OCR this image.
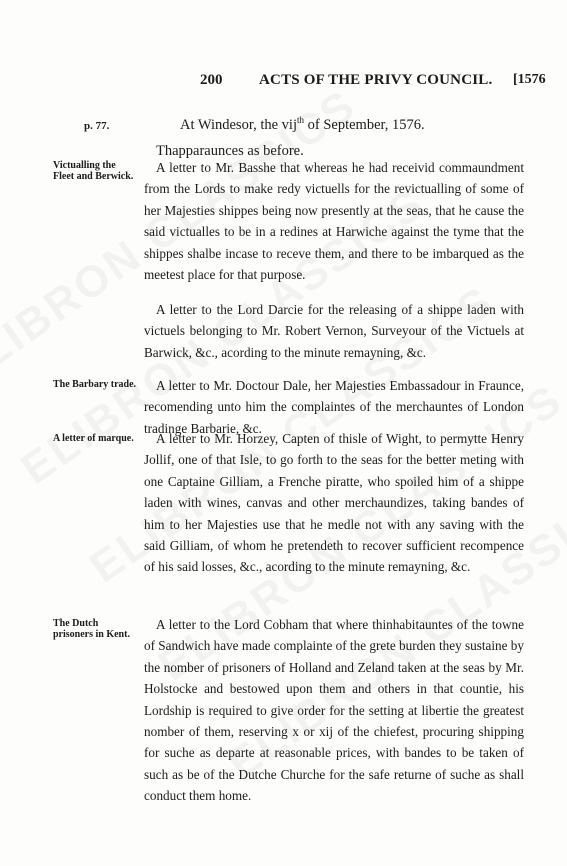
200 ACTS OF THE PRIVY COUNCIL. [1576
p. 77.	At Windesor, the vij$^{th}$ of September, 1576.
Thapparaunces as before.
Victualling the Fleet and Berwick.
The Barbary trade.
A letter of marque.
The Dutch prisoners in Kent.
A letter to Mr. Basshe that whereas he had receivid commaundment from the Lords to make redy victuells for the revictualling of some of her Majesties shippes being now presently at the seas, that he cause the said victualles to be in a redines at Harwiche against the tyme that the shippes shalbe incase to receve them, and there to be imbarqued as the meetest place for that purpose.
A letter to the Lord Darcie for the releasing of a shippe laden with victuels belonging to Mr. Robert Vernon, Surveyour of the Victuels at Barwick, &c., acording to the minute remayning, &c.
A letter to Mr. Doctour Dale, her Majesties Embassadour in Fraunce, recomending unto him the complaintes of the merchauntes of London tradinge Barbarie, &c.
A letter to Mr. Horzey, Capten of thisle of Wight, to permytte Henry Jollif, one of that Isle, to go forth to the seas for the better meting with one Captaine Gilliam, a Frenche piratte, who spoiled him of a shippe laden with wines, canvas and other merchaundizes, taking bandes of him to her Majesties use that he medle not with any saving with the said Gilliam, of whom he pretendeth to recover sufficient recompence of his said losses, &c., acording to the minute remayning, &c.
A letter to the Lord Cobham that where thinhabitauntes of the towne of Sandwich have made complainte of the grete burden they sustaine by the nomber of prisoners of Holland and Zeland taken at the seas by Mr. Holstocke and bestowed upon them and others in that countie, his Lordship is required to give order for the setting at libertie the greatest nomber of them, reserving x or xij of the chiefest, procuring shipping for suche as departe at reasonable prices, with bandes to be taken of such as be of the Dutche Churche for the safe returne of suche as shall conduct them home.
